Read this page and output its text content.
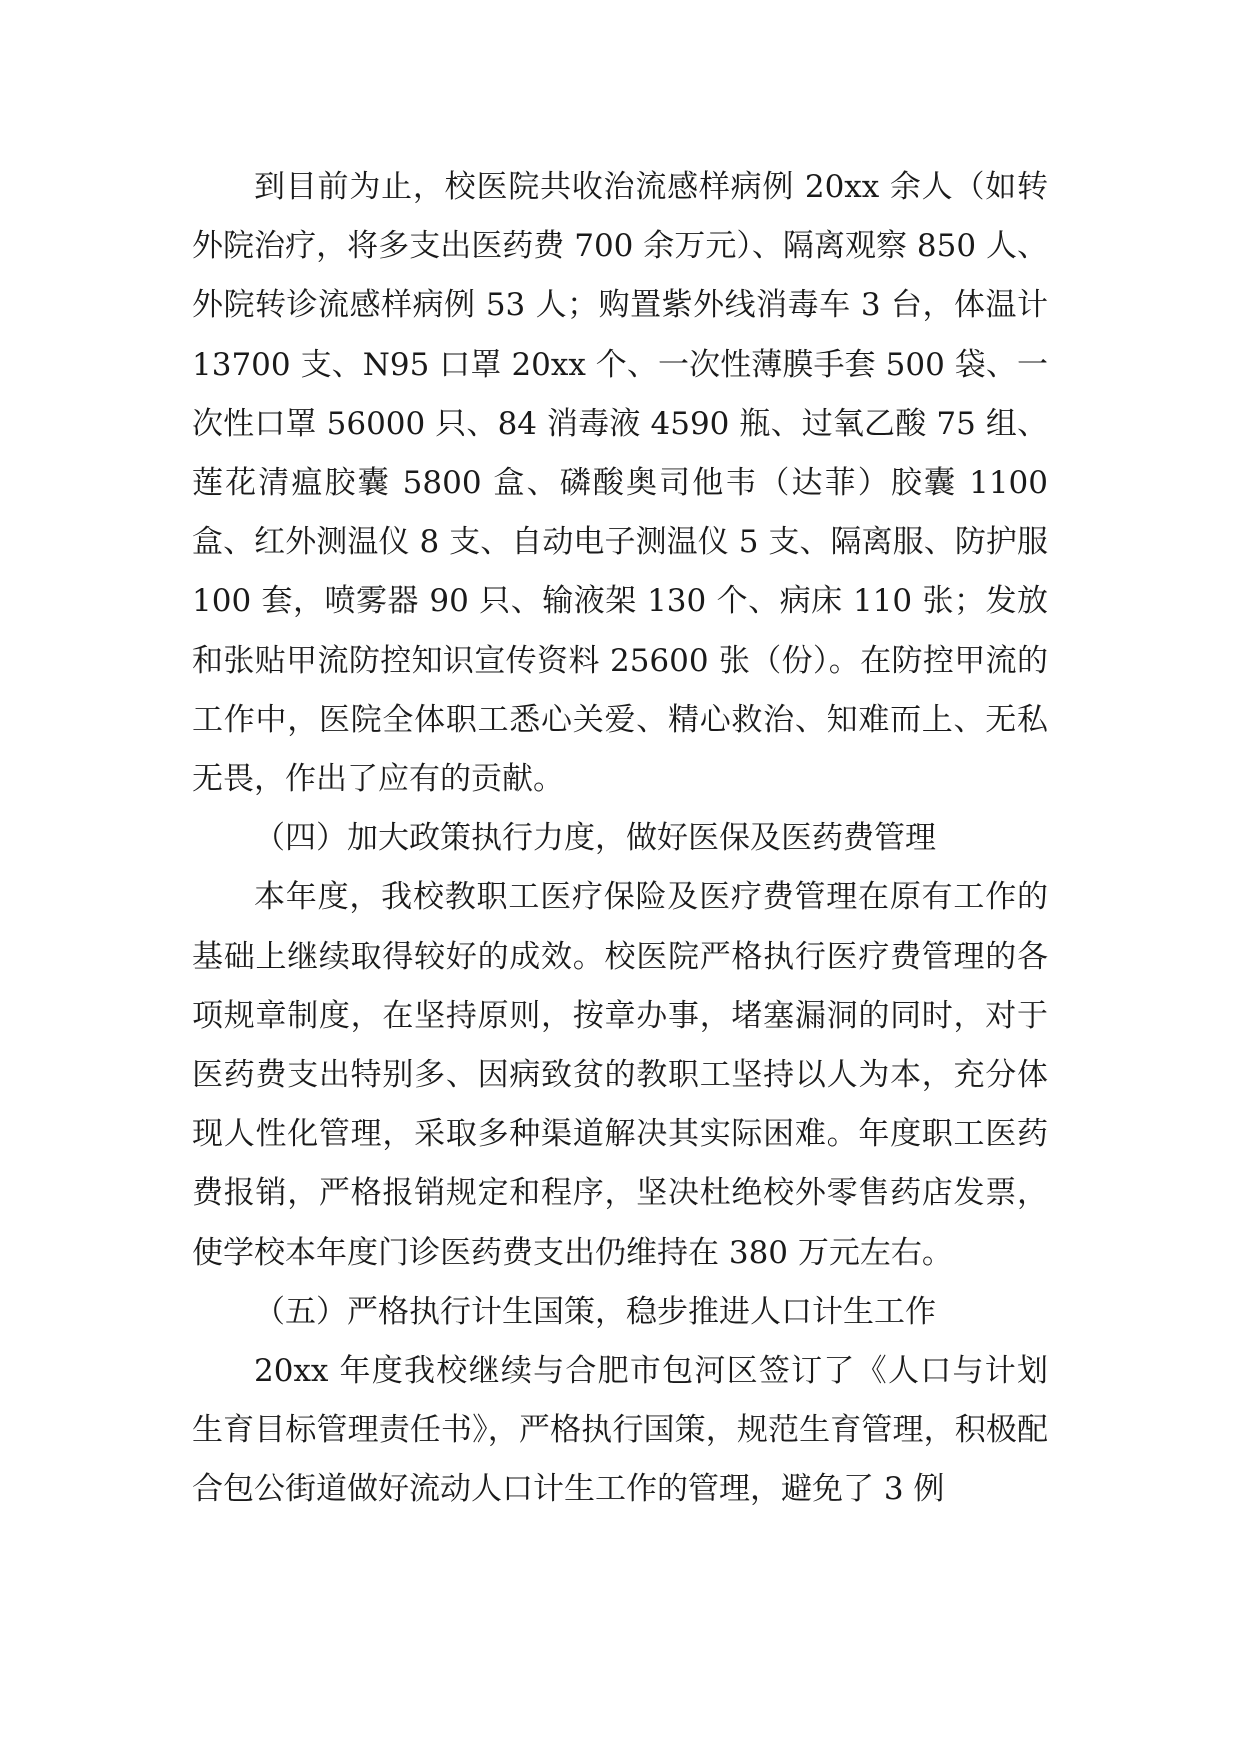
到目前为止，校医院共收治流感样病例 20xx 余人（如转外院治疗，将多支出医药费 700 余万元）、隔离观察 850 人、外院转诊流感样病例 53 人；购置紫外线消毒车 3 台，体温计 13700 支、N95 口罩 20xx 个、一次性薄膜手套 500 袋、一次性口罩 56000 只、84 消毒液 4590 瓶、过氧乙酸 75 组、莲花清瘟胶囊 5800 盒、磷酸奥司他韦（达菲）胶囊 1100 盒、红外测温仪 8 支、自动电子测温仪 5 支、隔离服、防护服 100 套，喷雾器 90 只、输液架 130 个、病床 110 张；发放和张贴甲流防控知识宣传资料 25600 张（份）。在防控甲流的工作中，医院全体职工悉心关爱、精心救治、知难而上、无私无畏，作出了应有的贡献。

（四）加大政策执行力度，做好医保及医药费管理

本年度，我校教职工医疗保险及医疗费管理在原有工作的基础上继续取得较好的成效。校医院严格执行医疗费管理的各项规章制度，在坚持原则，按章办事，堵塞漏洞的同时，对于医药费支出特别多、因病致贫的教职工坚持以人为本，充分体现人性化管理，采取多种渠道解决其实际困难。年度职工医药费报销，严格报销规定和程序，坚决杜绝校外零售药店发票，使学校本年度门诊医药费支出仍维持在 380 万元左右。

（五）严格执行计生国策，稳步推进人口计生工作

20xx 年度我校继续与合肥市包河区签订了《人口与计划生育目标管理责任书》，严格执行国策，规范生育管理，积极配合包公街道做好流动人口计生工作的管理，避免了 3 例
